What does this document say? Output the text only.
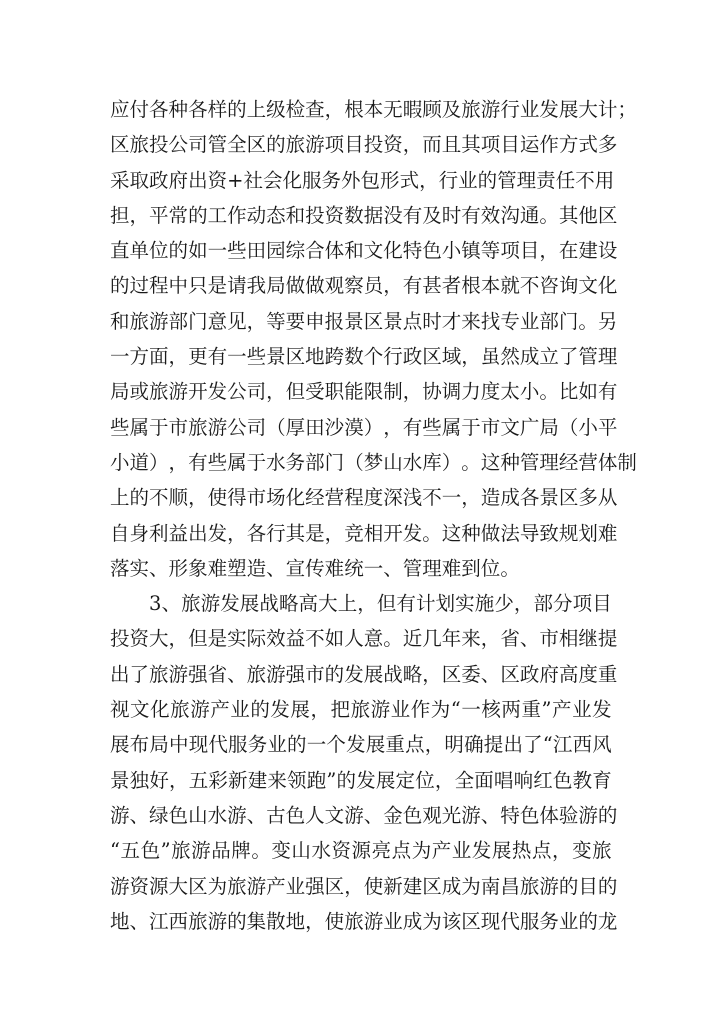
应 付 各 种 各 样 的 上 级 检 查 ， 根 本 无 暇 顾 及 旅 游 行 业 发 展 大 计 ；
区 旅 投 公 司 管 全 区 的 旅 游 项 目 投 资 ， 而 且 其 项 目 运 作 方 式 多
采 取 政 府 出 资 + 社 会 化 服 务 外 包 形 式 ， 行 业 的 管 理 责 任 不 用
担 ， 平 常 的 工 作 动 态 和 投 资 数 据 没 有 及 时 有 效 沟 通 。 其 他 区
直 单 位 的 如 一 些 田 园 综 合 体 和 文 化 特 色 小 镇 等 项 目 ， 在 建 设
的 过 程 中 只 是 请 我 局 做 做 观 察 员 ， 有 甚 者 根 本 就 不 咨 询 文 化
和 旅 游 部 门 意 见 ， 等 要 申 报 景 区 景 点 时 才 来 找 专 业 部 门 。 另
一 方 面 ， 更 有 一 些 景 区 地 跨 数 个 行 政 区 域 ， 虽 然 成 立 了 管 理
局 或 旅 游 开 发 公 司 ， 但 受 职 能 限 制 ， 协 调 力 度 太 小 。 比 如 有
些 属 于 市 旅 游 公 司 （ 厚 田 沙 漠 ） ， 有 些 属 于 市 文 广 局 （ 小 平
小 道 ） ， 有 些 属 于 水 务 部 门 （ 梦 山 水 库 ） 。 这 种 管 理 经 营 体 制
上 的 不 顺 ， 使 得 市 场 化 经 营 程 度 深 浅 不 一 ， 造 成 各 景 区 多 从
自 身 利 益 出 发 ， 各 行 其 是 ， 竞 相 开 发 。 这 种 做 法 导 致 规 划 难
落 实 、 形 象 难 塑 造 、 宣 传 难 统 一 、 管 理 难 到 位 。
3 、 旅 游 发 展 战 略 高 大 上 ， 但 有 计 划 实 施 少 ， 部 分 项 目
投 资 大 ， 但 是 实 际 效 益 不 如 人 意 。 近 几 年 来 ， 省 、 市 相 继 提
出 了 旅 游 强 省 、 旅 游 强 市 的 发 展 战 略 ， 区 委 、 区 政 府 高 度 重
视 文 化 旅 游 产 业 的 发 展 ， 把 旅 游 业 作 为 “ 一 核 两 重 ” 产 业 发
展 布 局 中 现 代 服 务 业 的 一 个 发 展 重 点 ， 明 确 提 出 了 “ 江 西 风
景 独 好 ， 五 彩 新 建 来 领 跑 ” 的 发 展 定 位 ， 全 面 唱 响 红 色 教 育
游 、 绿 色 山 水 游 、 古 色 人 文 游 、 金 色 观 光 游 、 特 色 体 验 游 的
“ 五 色 ” 旅 游 品 牌 。 变 山 水 资 源 亮 点 为 产 业 发 展 热 点 ， 变 旅
游 资 源 大 区 为 旅 游 产 业 强 区 ， 使 新 建 区 成 为 南 昌 旅 游 的 目 的
地 、 江 西 旅 游 的 集 散 地 ， 使 旅 游 业 成 为 该 区 现 代 服 务 业 的 龙
